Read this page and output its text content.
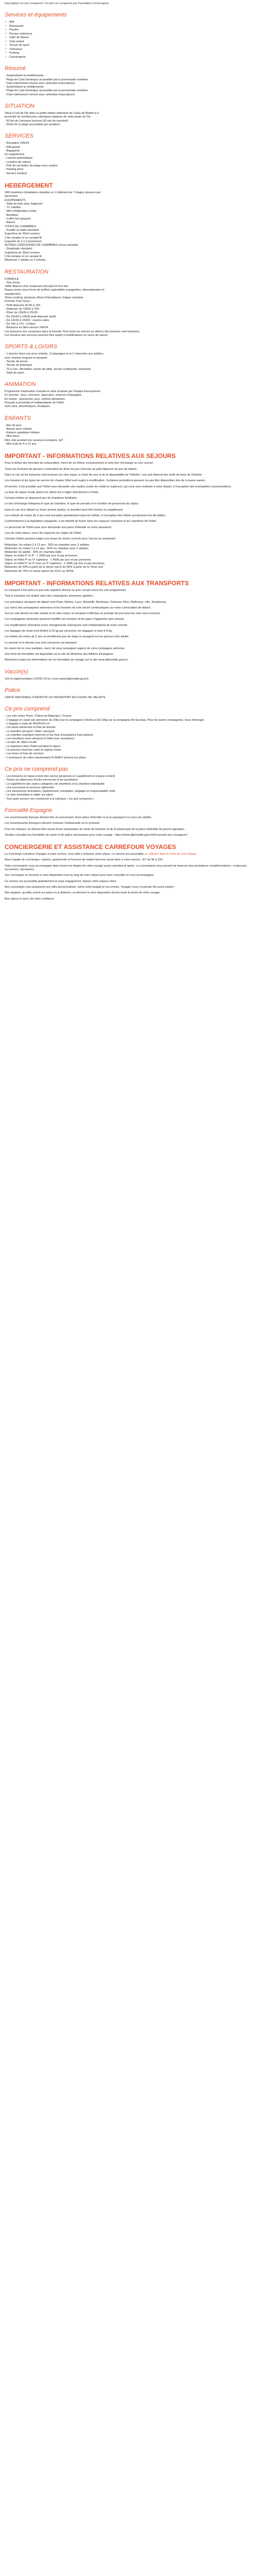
Description Ce prix comprend / Ce prix ne comprend pas Formalités Conciergerie
Services et équipements
✓ Wifi
✓ Restaurant
✓ Piscine
✓ Piscine extérieure
✓ Salle de fitness
✓ Club enfant
✓ Terrain de sport
✓ Télévision
✓ Parking
✓ Conciergerie
Résumé
- Surplombant la méditerranée
- Plage de Cala Domingos accessible par la promenade maritime
- Club entièrement rénové avec animation francophone
- Surplombant la méditerranée
- Plage de Cala Domingos accessible par la promenade maritime
- Club entièrement rénové avec animation francophone
SITUATION
Situé à l'est de l'île dans la petite station balnéaire de Calas de Mallorca à
proximité de nombreuses calanques typiques de cette partie de l'île
- 63 km de l'aéroport (environ 50 min de transfert)
- 500m de la plage accessible par escaliers
SERVICES
- Réception 24h/24
- Wifi gratuit
- Bagagerie
En supplément :
- Laverie automatique
- Location de voiture
- Prêt de serviettes de plage sous caution
- Parking privé
- Service médical
HEBERGEMENT
208 chambres climatisées réparties en 1 bâtiment de 7 étages desservi par
ascenseur
EQUIPEMENTS
- Salle de bain avec baignoire
- TV satellite
- Mini-réfrigérateur (vide)
- Bouilloire
- Coffre-fort (payant)
- Balcon
TYPES DE CHAMBRES
- Double ou triple standard :
Superficie de 20m2 environ
2 lits simples et un canapé-lit
Capacité de 2 à 3 personnes
AUTRES CATEGORIES DE CHAMBRES (nous consulter
- Quadruple standard :
Superficie de 20m2 environ
2 lits simples et un canapé-lit
Maximum 2 adultes et 2 enfants
RESTAURATION
FORMULE
- Tout inclus
Table disposé d'un restaurant principal et d'un bar.
Repas servis sous forme de buffets (spécialités espagnoles, internationales et
espagnoles).
Show cooking, plusieurs dîners thématiques chaque semaine
Formule Tout Inclus :
- Petit déjeuner de 8h à 10h
- Déjeuner de 13h00 à 15h
- Dîner de 19h30 à 21h30
- De 10h30 à 13h30 petit déjeuner tardif
- De 13h30 à 15h00 : snacks salés
- De 16h à 17h : Crêpes
- Boissons en libre-service 24h/24
Les boissons non comprises dans la formule Tout Inclus au service en dehors des horaires sont facturées.
Les horaires des services peuvent être sujets à modifications en cours de saison.
SPORTS & LOISIRS
- 1 piscine (dont une pour enfants, 2 patauages et et 2 réservées aux adultes,
avec chaises longues et parasols
- Terrain de tennis
- Terrain de pétanque
- Tir à l'arc, fléchettes, tennis de table, terrain multisports, waterpolo
- Salle de sport
ANIMATION
Programme d'animation complet et varié proposé par l'équipe francophone.
En journée : jeux, concours, aqua-gym, séances d'aquagym,
En soirée : spectacles, jeux, soirées dansantes.
Payante à proximité et indépendante de l'hôtel
Golf, bars, discothèques, boutiques
ENFANTS
- Aire de jeux
- Bassin pour enfants
- Espace aquatique ludique
- Mini-disco
Mini club pendant les vacances scolaires, 4j/7 :
- Mini-club de 4 à 12 ans
IMPORTANT - INFORMATIONS RELATIVES AUX SEJOURS

Pour le début des formules de restauration, merci de se référer exclusivement à votre bon d'échange ou vos courriel

Toute les formules de pension s'entendent du dîner du jour d'arrivée au petit déjeuner du jour de départ.

Dans le cas où les boissons sont incluses lors des repas, le choix de vins et de la disponibilité de l'hôtelier. Leur prix dépend des tarifs de base de l'hôtelier

Les horaires et les types de service de chaque hôtel sont sujets à modification. Certaines prestations peuvent ne pas être disponibles lors de la basse saison.

A l'arrivée, il est possible que l'hôtel vous demande une caution (carte de crédit ou espèces), qui vous sera restituée à votre départ, à l'exception des éventuelles consommations.

La taxe de séjour locale (selon les villes) est à régler directement à l'hôtel.

Certains hôtels ne disposent pas de chambres familiales.

Le bon d'échange indiquera le type de chambre, le type de pension et le nombre de personnes du séjour.

Dans le cas d'un départ ou d'une arrivée tardive, le transfert peut être facturé en supplément.

Les enfants de moins de 2 ans sont acceptés gratuitement dans les hôtels, à l'exception des hôtels qui facturent les lits bébés.

Conformément à la législation espagnole, il est interdit de fumer dans les espaces communs et les chambres de l'hôtel.

Le personnel de l'hôtel peut vous demander une pièce d'identité ou votre passeport.

Lors de votre séjour, merci de respecter les règles de l'hôtel.

Certains hôtels peuvent exiger une tenue de soirée correcte pour l'accès au restaurant.

Réduction 1er enfant 2 à 11 ans : 50% en chambre avec 2 adultes.
Réduction 2e enfant 2 à 11 ans : 50% en chambre avec 2 adultes.
Réduction 3e adulte : 20% en chambre triple.
Séjour en hôtel 3* et 4* : 1 200€ par jour et par personne.
Séjour en hôtel 4* ou 5* supérieur : 1 400€ par jour et par personne.
Séjour en hôtel 5* ou 5* luxe ou 4* supérieur : 1 600€ par jour et par personne.
Réduction de 30% à partir de la 3ème nuit et de 50% à partir de la 7ème nuit.
Réduction de 75% en haute saison du 01/11 au 30/04.
IMPORTANT - INFORMATIONS RELATIVES AUX TRANSPORTS

Le transport n'est prévu et par voie régulière directe ou avec escale selon les vols programmés.

Tout le transport est réalisé avec des compagnies aériennes agréées.

Les principaux aéroports de départ sont Paris, Nantes, Lyon, Marseille, Bordeaux, Toulouse, Nice, Mulhouse, Lille, Strasbourg.

Les noms des compagnies aériennes et les horaires de vols seront communiqués sur votre convocation de départ.

Sur les vols directs en aller simple et en aller-retour, le transport s'effectue en principe de jour pour les vols court-courriers.

Les compagnies aériennes peuvent modifier les horaires et les types d'appareils sans préavis.

Les modifications d'horaires et les changements d'aéroports sont indépendants de notre volonté.

Les bagages de soute sont limités à 20 kg par personne, les bagages à main à 8 kg.

Les bébés de moins de 2 ans ne bénéficient pas de siège et voyagent sur les genoux d'un adulte.

Le premier et le dernier jour sont consacrés au transport.

En raison de la crise sanitaire, merci de vous renseigner auprès de votre compagnie aérienne.

Une fiche de formalités est disponible sur le site du Ministère des Affaires Étrangères.

Retrouvez toutes les informations sur les formalités de voyage sur le site www.diplomatie.gouv.fr.

Vaccin(s)
Voir la réglementation COVID-19 en cours www.diplomatie.gouv.fr
Police
CARTE NATIONALE D'IDENTITE OU PASSEPORT EN COURS DE VALIDITE
Ce prix comprend
- Les vols retour Paris / Palma de Majorque / France
- 1 bagage en soute par personne de 20kg (sur la compagnie Volotea et de 23kg sur la compagnie Air Europa). Pour les autres compagnies, nous interroger.
- 1 bagage à main de 40x30x20 cm
- Les taxes aériennes et frais de dossier
- Le transfert aéroport / hôtel / aéroport
- La chambre standard réservée et les frais d'assistance francophone
- Les transferts entre aéroport et hôtel avec assistance
- La taxe de séjour locale
- Le logement dans l'hôtel pendant le séjour
- La pension réservée selon le régime choisi
- Les taxes et frais de services
- L'assistance de notre représentant FLANEO présent sur place
Ce prix ne comprend pas
- Les boissons et repas à bord des avions (proposés en supplément et à payer à bord)
- Toutes les dépenses d'ordre personnel et les pourboires
- Le supplément des autres catégories de chambres et la chambre individuelle
- Les excursions et services optionnels
- Les assurances annulation, rapatriement, annulation, bagages et responsabilité civile
- La taxe touristique à régler sur place
- Tout autre service non mentionné à la rubrique « Ce prix comprend »
Formalité Espagne

Les ressortissants français doivent être en possession d'une pièce d'identité ou d'un passeport en cours de validité.

Les ressortissants étrangers doivent contacter l'ambassade ou le consulat.

Pour les mineurs, ils doivent être munis d'une autorisation de sortie de territoire et de la photocopie de la pièce d'identité du parent signataire.

Veuillez consulter les formalités de santé et de police nécessaires pour votre voyage : https://www.diplomatie.gouv.fr/fr/conseils-aux-voyageurs/

CONCIERGERIE ET ASSISTANCE CARREFOUR VOYAGES

Le Concierge Carrefour Voyages à votre service, vous aide à préparer votre séjour. Le service est accessible en cliquant dans la visite de votre départ

Nous équipe de concierges, experts, passionnés et heureux de mettre tout leur savoir-faire à votre service, 7j/7 de 9h à 22h.

Votre conciergerie vous accompagne dans toutes les étapes de votre voyage avant, pendant et après. La conciergerie vous permet de réserver des prestations complémentaires : restaurant, excursions, spectacles...

Vos concierges se tiennent à votre disposition tout au long de votre séjour pour vous conseiller et vous accompagner.

Ce service est accessible gratuitement et sans engagement, depuis votre espace client.

Nos concierges vous proposent une offre personnalisée, selon votre budget et vos envies. Voyager vous n'a jamais été aussi simple !

Nos équipes, qu'elles soient sur place ou à distance, se tiennent à votre disposition durant toute la durée de votre voyage.

Bon séjour et merci de votre confiance.
